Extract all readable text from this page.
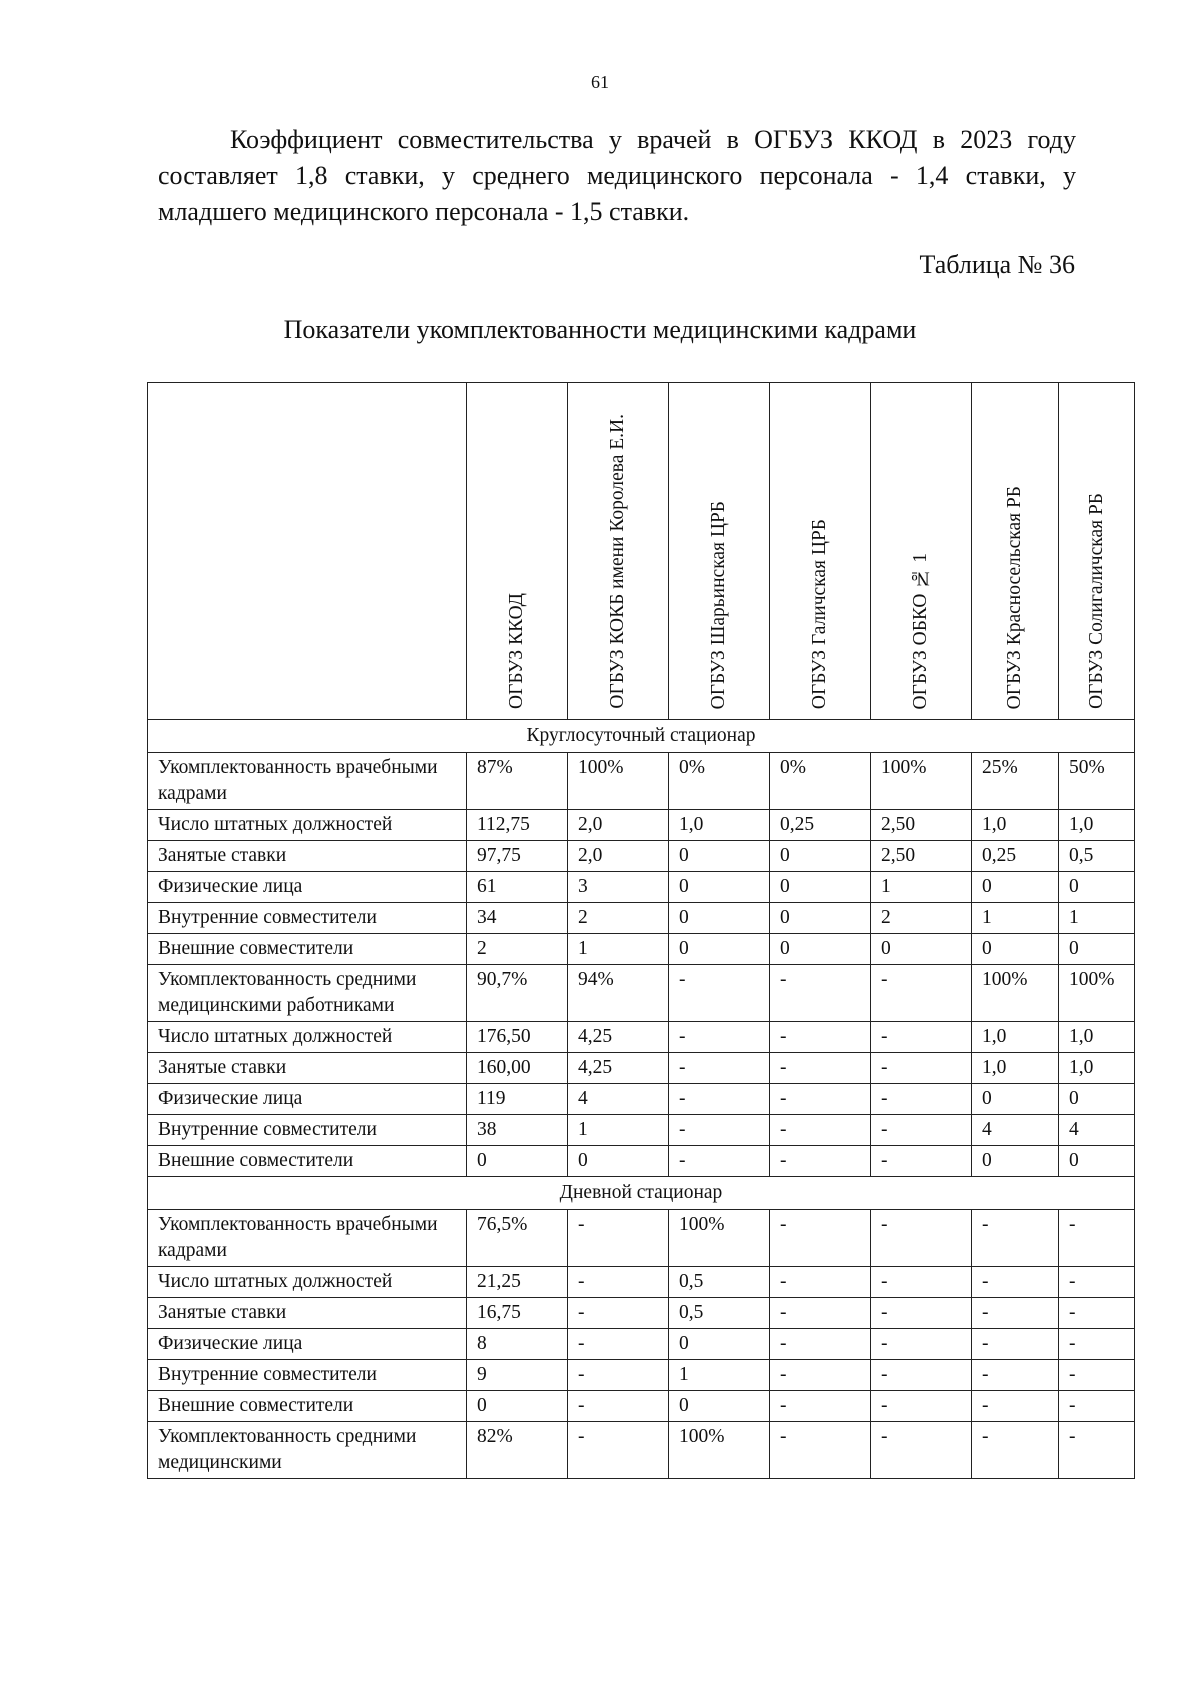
61

Коэффициент совместительства у врачей в ОГБУЗ ККОД в 2023 году составляет 1,8 ставки, у среднего медицинского персонала - 1,4 ставки, у младшего медицинского персонала - 1,5 ставки.

Таблица № 36
Показатели укомплектованности медицинскими кадрами

	ОГБУЗ ККОД	ОГБУЗ КОКБ имени Королева Е.И.	ОГБУЗ Шарьинская ЦРБ	ОГБУЗ Галичская ЦРБ	ОГБУЗ ОБКО № 1	ОГБУЗ Красносельская РБ	ОГБУЗ Солигаличская РБ

Круглосуточный стационар							
Укомплектованность врачебными кадрами	87%	100%	0%	0%	100%	25%	50%
Число штатных должностей	112,75	2,0	1,0	0,25	2,50	1,0	1,0
Занятые ставки	97,75	2,0	0	0	2,50	0,25	0,5
Физические лица	61	3	0	0	1	0	0
Внутренние совместители	34	2	0	0	2	1	1
Внешние совместители	2	1	0	0	0	0	0
Укомплектованность средними медицинскими работниками	90,7%	94%	-	-	-	100%	100%
Число штатных должностей	176,50	4,25	-	-	-	1,0	1,0
Занятые ставки	160,00	4,25	-	-	-	1,0	1,0
Физические лица	119	4	-	-	-	0	0
Внутренние совместители	38	1	-	-	-	4	4
Внешние совместители	0	0	-	-	-	0	0
Дневной стационар							
Укомплектованность врачебными кадрами	76,5%	-	100%	-	-	-	-
Число штатных должностей	21,25	-	0,5	-	-	-	-
Занятые ставки	16,75	-	0,5	-	-	-	-
Физические лица	8	-	0	-	-	-	-
Внутренние совместители	9	-	1	-	-	-	-
Внешние совместители	0	-	0	-	-	-	-
Укомплектованность средними медицинскими	82%	-	100%	-	-	-	-
